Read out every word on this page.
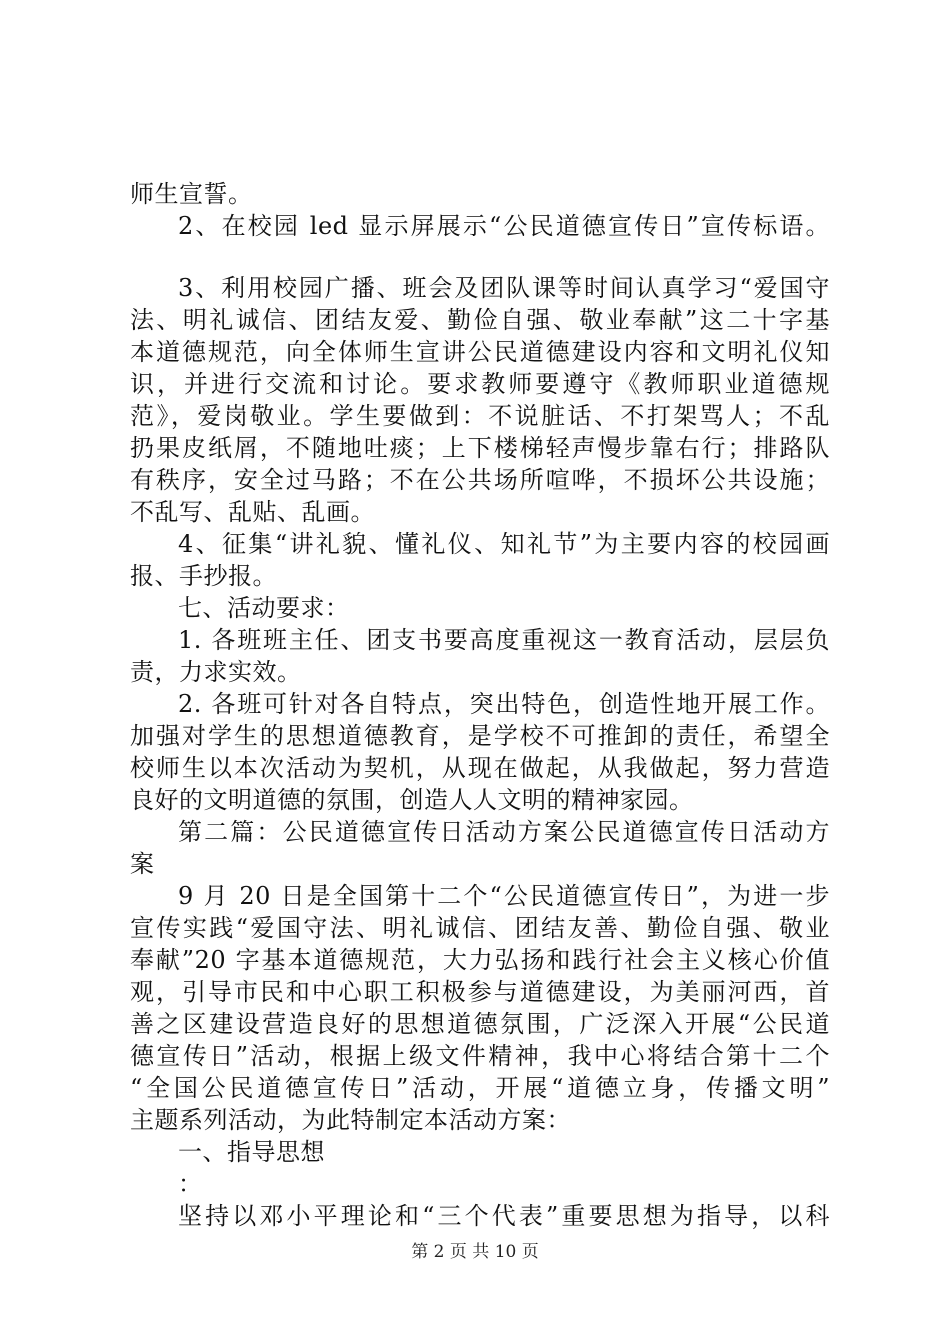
师生宣誓。
2、在校园 led 显示屏展示“公民道德宣传日”宣传标语。
3、利用校园广播、班会及团队课等时间认真学习“爱国守
法、明礼诚信、团结友爱、勤俭自强、敬业奉献”这二十字基
本道德规范，向全体师生宣讲公民道德建设内容和文明礼仪知
识，并进行交流和讨论。要求教师要遵守《教师职业道德规
范》，爱岗敬业。学生要做到：不说脏话、不打架骂人；不乱
扔果皮纸屑，不随地吐痰；上下楼梯轻声慢步靠右行；排路队
有秩序，安全过马路；不在公共场所喧哗，不损坏公共设施；
不乱写、乱贴、乱画。
4、征集“讲礼貌、懂礼仪、知礼节”为主要内容的校园画
报、手抄报。
七、活动要求：
1. 各班班主任、团支书要高度重视这一教育活动，层层负
责，力求实效。
2. 各班可针对各自特点，突出特色，创造性地开展工作。
加强对学生的思想道德教育，是学校不可推卸的责任，希望全
校师生以本次活动为契机，从现在做起，从我做起，努力营造
良好的文明道德的氛围，创造人人文明的精神家园。
第二篇：公民道德宣传日活动方案公民道德宣传日活动方
案
9 月 20 日是全国第十二个“公民道德宣传日”，为进一步
宣传实践“爱国守法、明礼诚信、团结友善、勤俭自强、敬业
奉献”20 字基本道德规范，大力弘扬和践行社会主义核心价值
观，引导市民和中心职工积极参与道德建设，为美丽河西，首
善之区建设营造良好的思想道德氛围，广泛深入开展“公民道
德宣传日”活动，根据上级文件精神，我中心将结合第十二个
“全国公民道德宣传日”活动，开展“道德立身，传播文明”
主题系列活动，为此特制定本活动方案：
一、指导思想
：
坚持以邓小平理论和“三个代表”重要思想为指导，以科
第 2 页 共 10 页
